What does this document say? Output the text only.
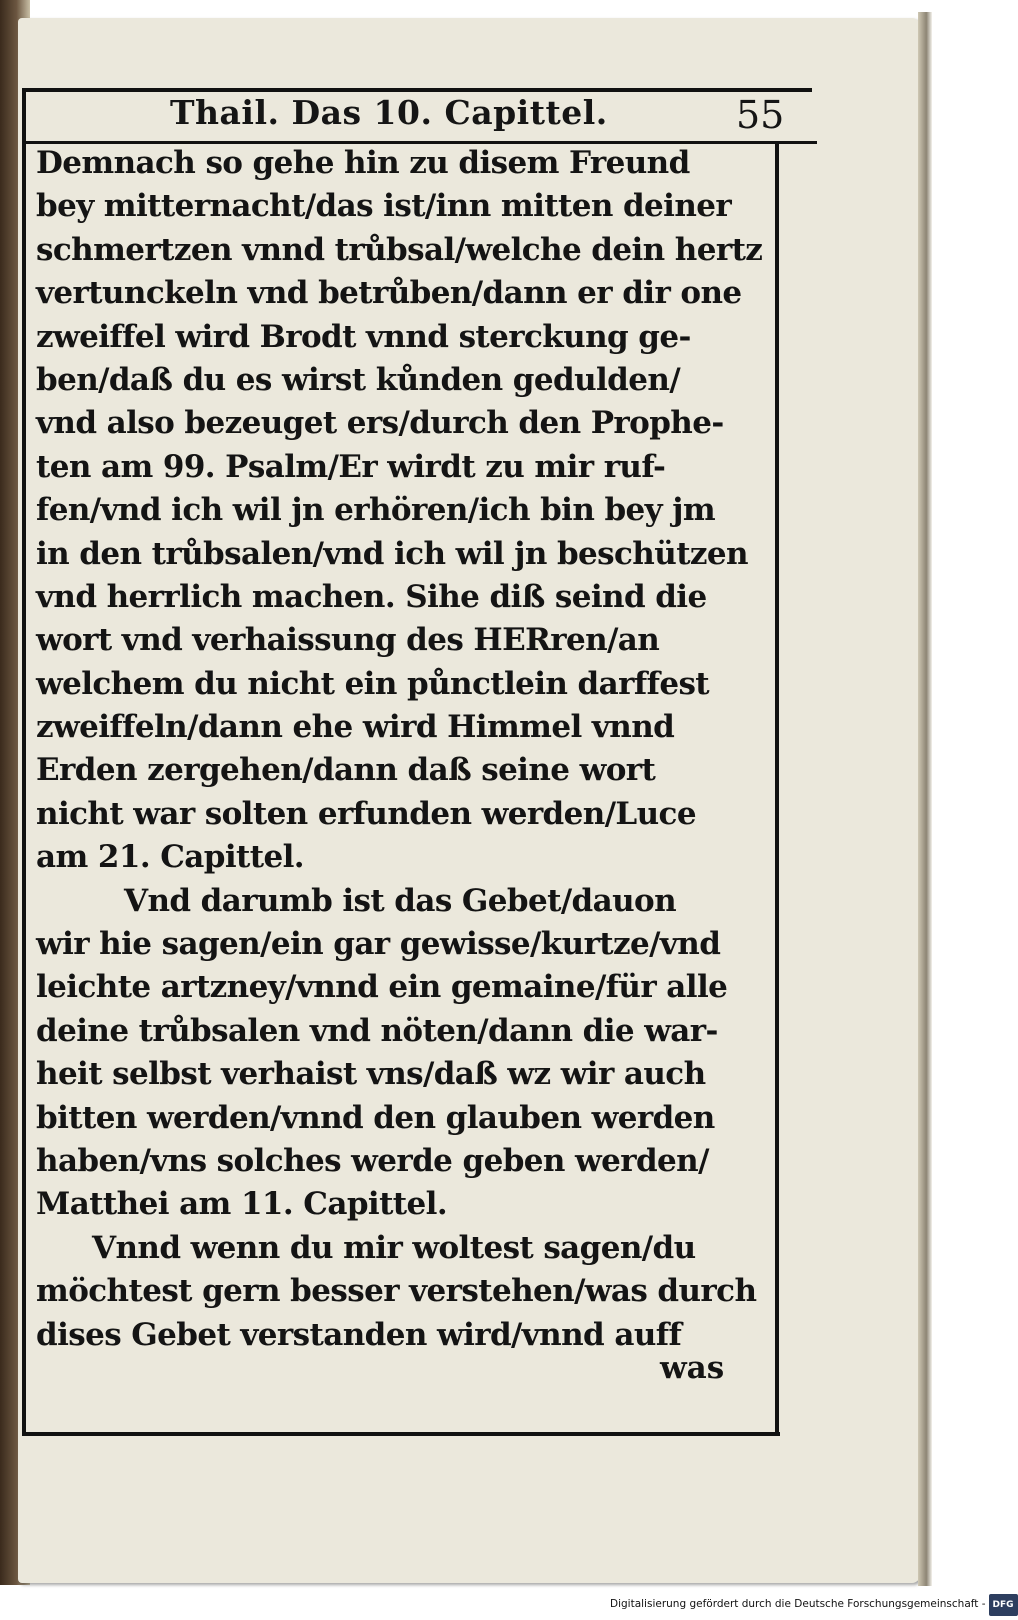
Thail. Das 10. Capittel.	55
Demnach so gehe hin zu disem Freund
bey mitternacht/das ist/inn mitten deiner
schmertzen vnnd trůbsal/welche dein hertz
vertunckeln vnd betrůben/dann er dir one
zweiffel wird Brodt vnnd sterckung ge-
ben/daß du es wirst kůnden gedulden/
vnd also bezeuget ers/durch den Prophe-
ten am 99. Psalm/Er wirdt zu mir ruf-
fen/vnd ich wil jn erhören/ich bin bey jm
in den trůbsalen/vnd ich wil jn beschützen
vnd herrlich machen. Sihe diß seind die
wort vnd verhaissung des HERren/an
welchem du nicht ein půnctlein darffest
zweiffeln/dann ehe wird Himmel vnnd
Erden zergehen/dann daß seine wort
nicht war solten erfunden werden/Luce
am 21. Capittel.
Vnd darumb ist das Gebet/dauon
wir hie sagen/ein gar gewisse/kurtze/vnd
leichte artzney/vnnd ein gemaine/für alle
deine trůbsalen vnd nöten/dann die war-
heit selbst verhaist vns/daß wz wir auch
bitten werden/vnnd den glauben werden
haben/vns solches werde geben werden/
Matthei am 11. Capittel.
Vnnd wenn du mir woltest sagen/du
möchtest gern besser verstehen/was durch
dises Gebet verstanden wird/vnnd auff
was
Digitalisierung gefördert durch die Deutsche Forschungsgemeinschaft - DFG
